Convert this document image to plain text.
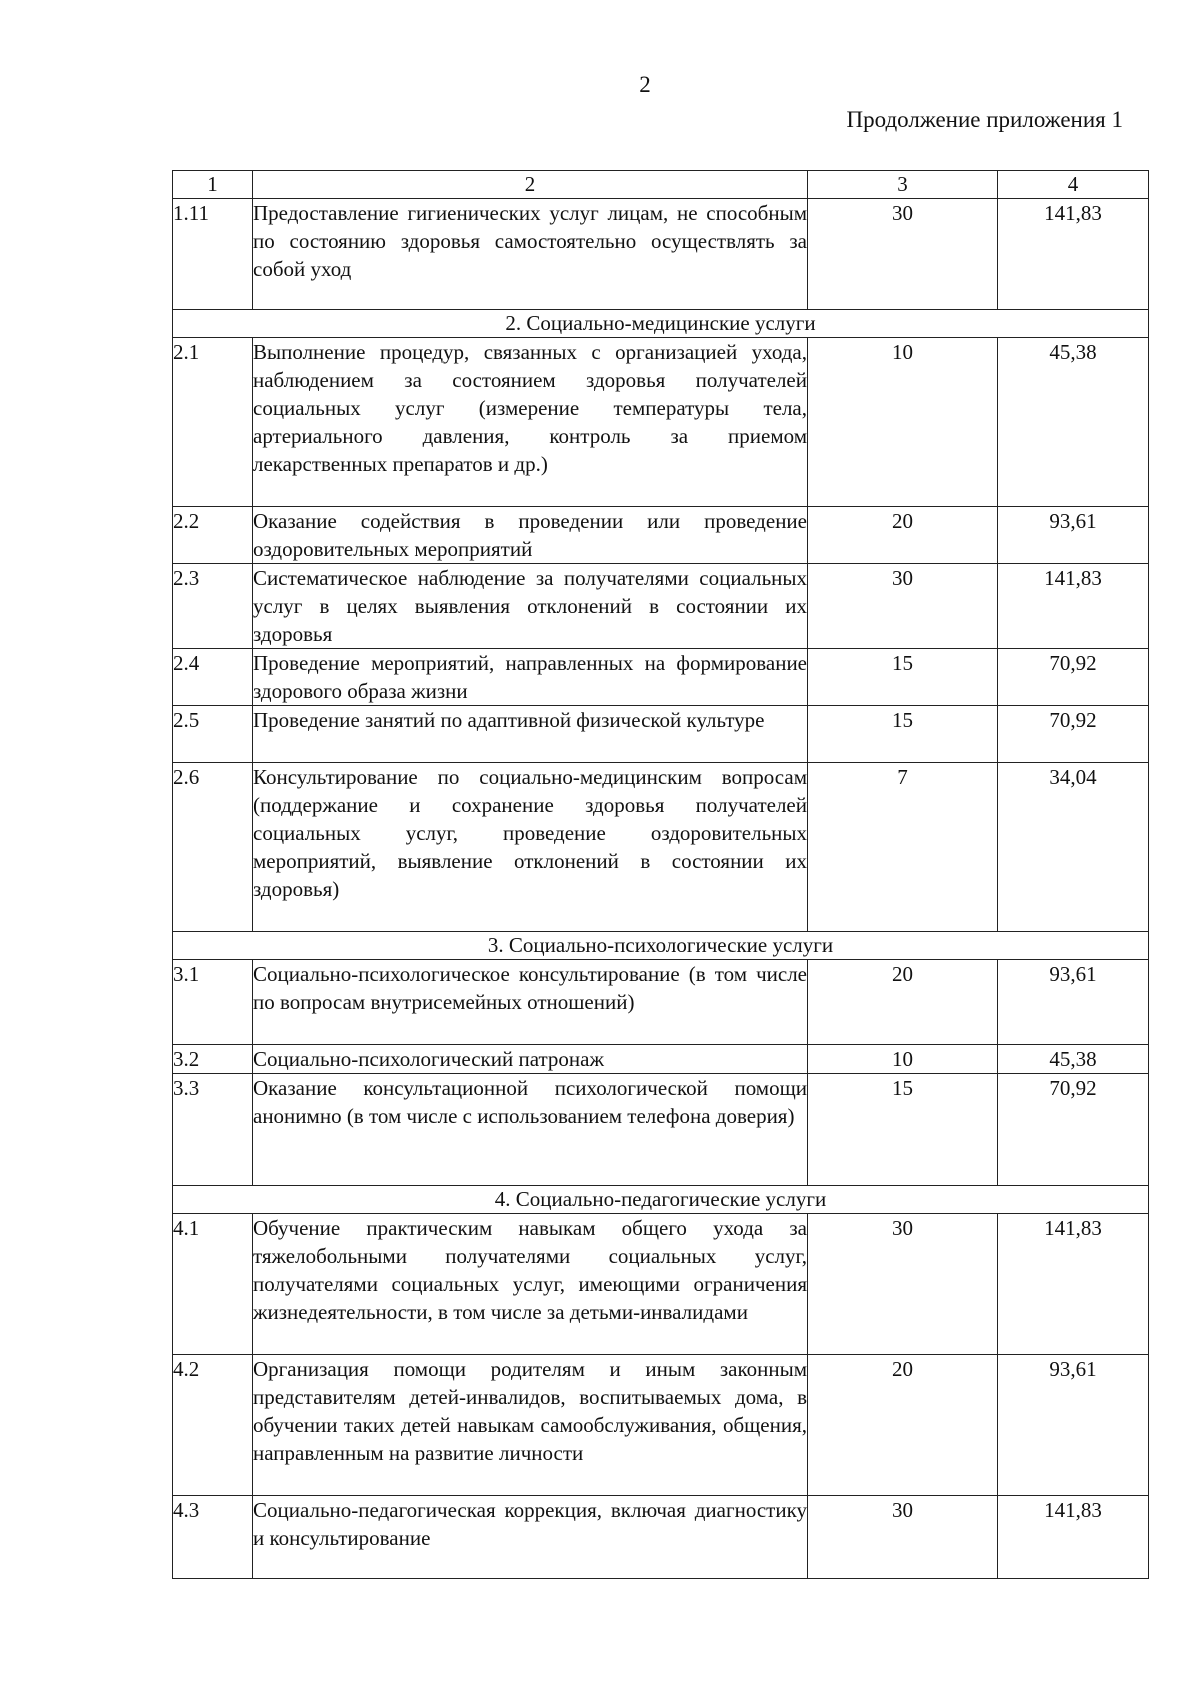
2
Продолжение приложения 1
1	2	3	4
1.11	Предоставление гигиенических услуг лицам, не способным по состоянию здоровья самостоятельно осуществлять за собой уход	30	141,83
2. Социально-медицинские услуги			
2.1	Выполнение процедур, связанных с организацией ухода, наблюдением за состоянием здоровья получателей социальных услуг (измерение температуры тела, артериального давления, контроль за приемом лекарственных препаратов и др.)	10	45,38
2.2	Оказание содействия в проведении или проведение оздоровительных мероприятий	20	93,61
2.3	Систематическое наблюдение за получателями социальных услуг в целях выявления отклонений в состоянии их здоровья	30	141,83
2.4	Проведение мероприятий, направленных на формирование здорового образа жизни	15	70,92
2.5	Проведение занятий по адаптивной физической культуре	15	70,92
2.6	Консультирование по социально-медицинским вопросам (поддержание и сохранение здоровья получателей социальных услуг, проведение оздоровительных мероприятий, выявление отклонений в состоянии их здоровья)	7	34,04
3. Социально-психологические услуги			
3.1	Социально-психологическое консультирование (в том числе по вопросам внутрисемейных отношений)	20	93,61
3.2	Социально-психологический патронаж	10	45,38
3.3	Оказание консультационной психологической помощи анонимно (в том числе с использованием телефона доверия)	15	70,92
4. Социально-педагогические услуги			
4.1	Обучение практическим навыкам общего ухода за тяжелобольными получателями социальных услуг, получателями социальных услуг, имеющими ограничения жизнедеятельности, в том числе за детьми-инвалидами	30	141,83
4.2	Организация помощи родителям и иным законным представителям детей-инвалидов, воспитываемых дома, в обучении таких детей навыкам самообслуживания, общения, направленным на развитие личности	20	93,61
4.3	Социально-педагогическая коррекция, включая диагностику и консультирование	30	141,83
